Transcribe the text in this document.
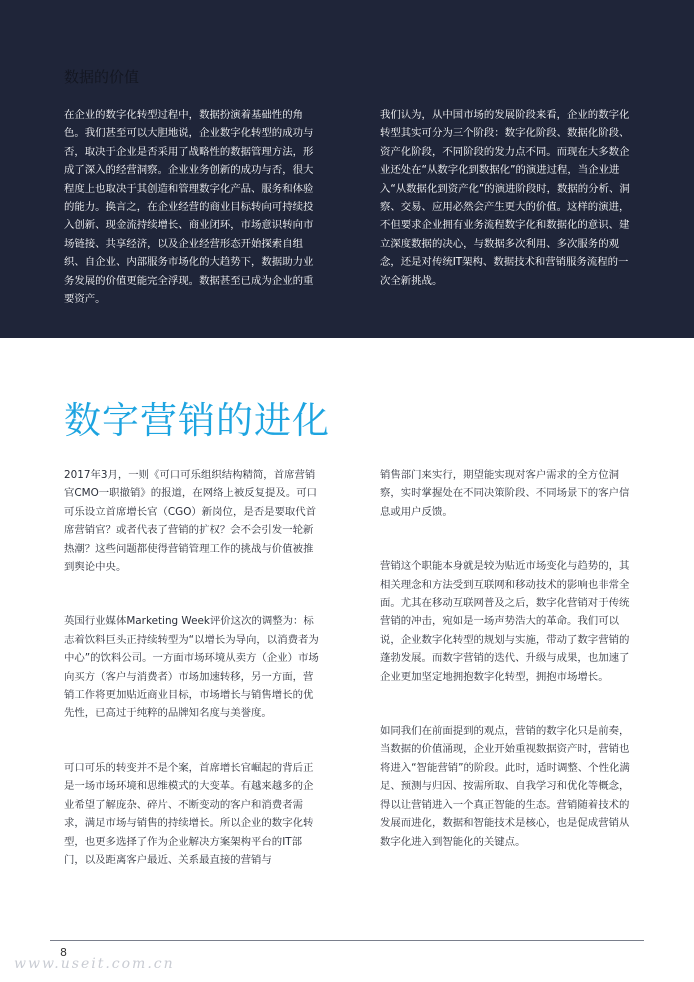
数据的价值
在企业的数字化转型过程中，数据扮演着基础性的角色。我们甚至可以大胆地说，企业数字化转型的成功与否，取决于企业是否采用了战略性的数据管理方法，形成了深入的经营洞察。企业业务创新的成功与否，很大程度上也取决于其创造和管理数字化产品、服务和体验的能力。换言之，在企业经营的商业目标转向可持续投入创新、现金流持续增长、商业闭环，市场意识转向市场链接、共享经济，以及企业经营形态开始探索自组织、自企业、内部服务市场化的大趋势下，数据助力业务发展的价值更能完全浮现。数据甚至已成为企业的重要资产。
我们认为，从中国市场的发展阶段来看，企业的数字化转型其实可分为三个阶段：数字化阶段、数据化阶段、资产化阶段，不同阶段的发力点不同。而现在大多数企业还处在“从数字化到数据化”的演进过程，当企业进入“从数据化到资产化”的演进阶段时，数据的分析、洞察、交易、应用必然会产生更大的价值。这样的演进，不但要求企业拥有业务流程数字化和数据化的意识、建立深度数据的决心，与数据多次利用、多次服务的观念，还是对传统IT架构、数据技术和营销服务流程的一次全新挑战。
数字营销的进化

2017年3月，一则《可口可乐组织结构精简，首席营销官CMO一职撤销》的报道，在网络上被反复提及。可口可乐设立首席增长官（CGO）新岗位，是否是要取代首席营销官？或者代表了营销的扩权？会不会引发一轮新热潮？这些问题都使得营销管理工作的挑战与价值被推到舆论中央。

英国行业媒体Marketing Week评价这次的调整为：标志着饮料巨头正持续转型为“以增长为导向，以消费者为中心”的饮料公司。一方面市场环境从卖方（企业）市场向买方（客户与消费者）市场加速转移，另一方面，营销工作将更加贴近商业目标，市场增长与销售增长的优先性，已高过于纯粹的品牌知名度与美誉度。

可口可乐的转变并不是个案，首席增长官崛起的背后正是一场市场环境和思维模式的大变革。有越来越多的企业希望了解庞杂、碎片、不断变动的客户和消费者需求，满足市场与销售的持续增长。所以企业的数字化转型，也更多选择了作为企业解决方案架构平台的IT部门，以及距离客户最近、关系最直接的营销与

销售部门来实行，期望能实现对客户需求的全方位洞察，实时掌握处在不同决策阶段、不同场景下的客户信息或用户反馈。

营销这个职能本身就是较为贴近市场变化与趋势的，其相关理念和方法受到互联网和移动技术的影响也非常全面。尤其在移动互联网普及之后，数字化营销对于传统营销的冲击，宛如是一场声势浩大的革命。我们可以说，企业数字化转型的规划与实施，带动了数字营销的蓬勃发展。而数字营销的迭代、升级与成果，也加速了企业更加坚定地拥抱数字化转型，拥抱市场增长。

如同我们在前面提到的观点，营销的数字化只是前奏，当数据的价值涌现，企业开始重视数据资产时，营销也将进入“智能营销”的阶段。此时，适时调整、个性化满足、预测与归因、按需所取、自我学习和优化等概念，得以让营销进入一个真正智能的生态。营销随着技术的发展而进化，数据和智能技术是核心，也是促成营销从数字化进入到智能化的关键点。

8
www.useit.com.cn
